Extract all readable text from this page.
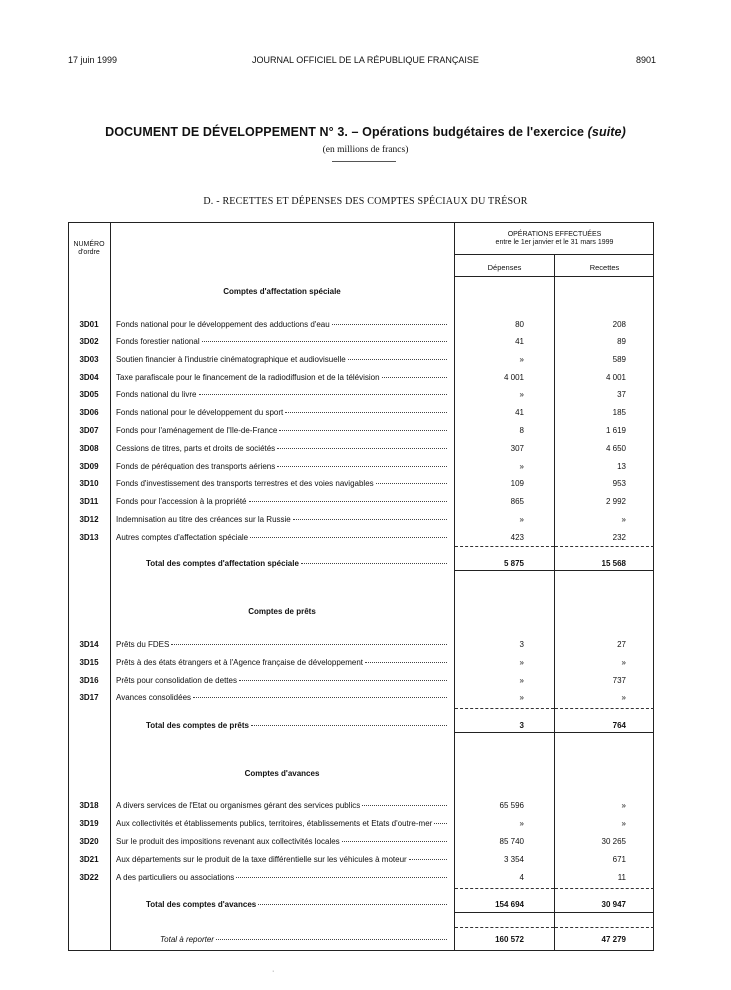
17 juin 1999	JOURNAL OFFICIEL DE LA RÉPUBLIQUE FRANÇAISE	8901
DOCUMENT DE DÉVELOPPEMENT N° 3. – Opérations budgétaires de l'exercice (suite)
(en millions de francs)
D. - RECETTES ET DÉPENSES DES COMPTES SPÉCIAUX DU TRÉSOR
NUMÉRO
d'ordre
OPÉRATIONS EFFECTUÉES
entre le 1er janvier et le 31 mars 1999
Dépenses	Recettes
Comptes d'affectation spéciale
3D01	Fonds national pour le développement des adductions d'eau	80	208
3D02	Fonds forestier national	41	89
3D03	Soutien financier à l'industrie cinématographique et audiovisuelle	»	589
3D04	Taxe parafiscale pour le financement de la radiodiffusion et de la télévision	4 001	4 001
3D05	Fonds national du livre	»	37
3D06	Fonds national pour le développement du sport	41	185
3D07	Fonds pour l'aménagement de l'Ile-de-France	8	1 619
3D08	Cessions de titres, parts et droits de sociétés	307	4 650
3D09	Fonds de péréquation des transports aériens	»	13
3D10	Fonds d'investissement des transports terrestres et des voies navigables	109	953
3D11	Fonds pour l'accession à la propriété	865	2 992
3D12	Indemnisation au titre des créances sur la Russie	»	»
3D13	Autres comptes d'affectation spéciale	423	232
Total des comptes d'affectation spéciale	5 875	15 568
Comptes de prêts
3D14	Prêts du FDES	3	27
3D15	Prêts à des états étrangers et à l'Agence française de développement	»	»
3D16	Prêts pour consolidation de dettes	»	737
3D17	Avances consolidées	»	»
Total des comptes de prêts	3	764
Comptes d'avances
3D18	A divers services de l'Etat ou organismes gérant des services publics	65 596	»
3D19	Aux collectivités et établissements publics, territoires, établissements et Etats d'outre-mer	»	»
3D20	Sur le produit des impositions revenant aux collectivités locales	85 740	30 265
3D21	Aux départements sur le produit de la taxe différentielle sur les véhicules à moteur	3 354	671
3D22	A des particuliers ou associations	4	11
Total des comptes d'avances	154 694	30 947
Total à reporter	160 572	47 279
·
